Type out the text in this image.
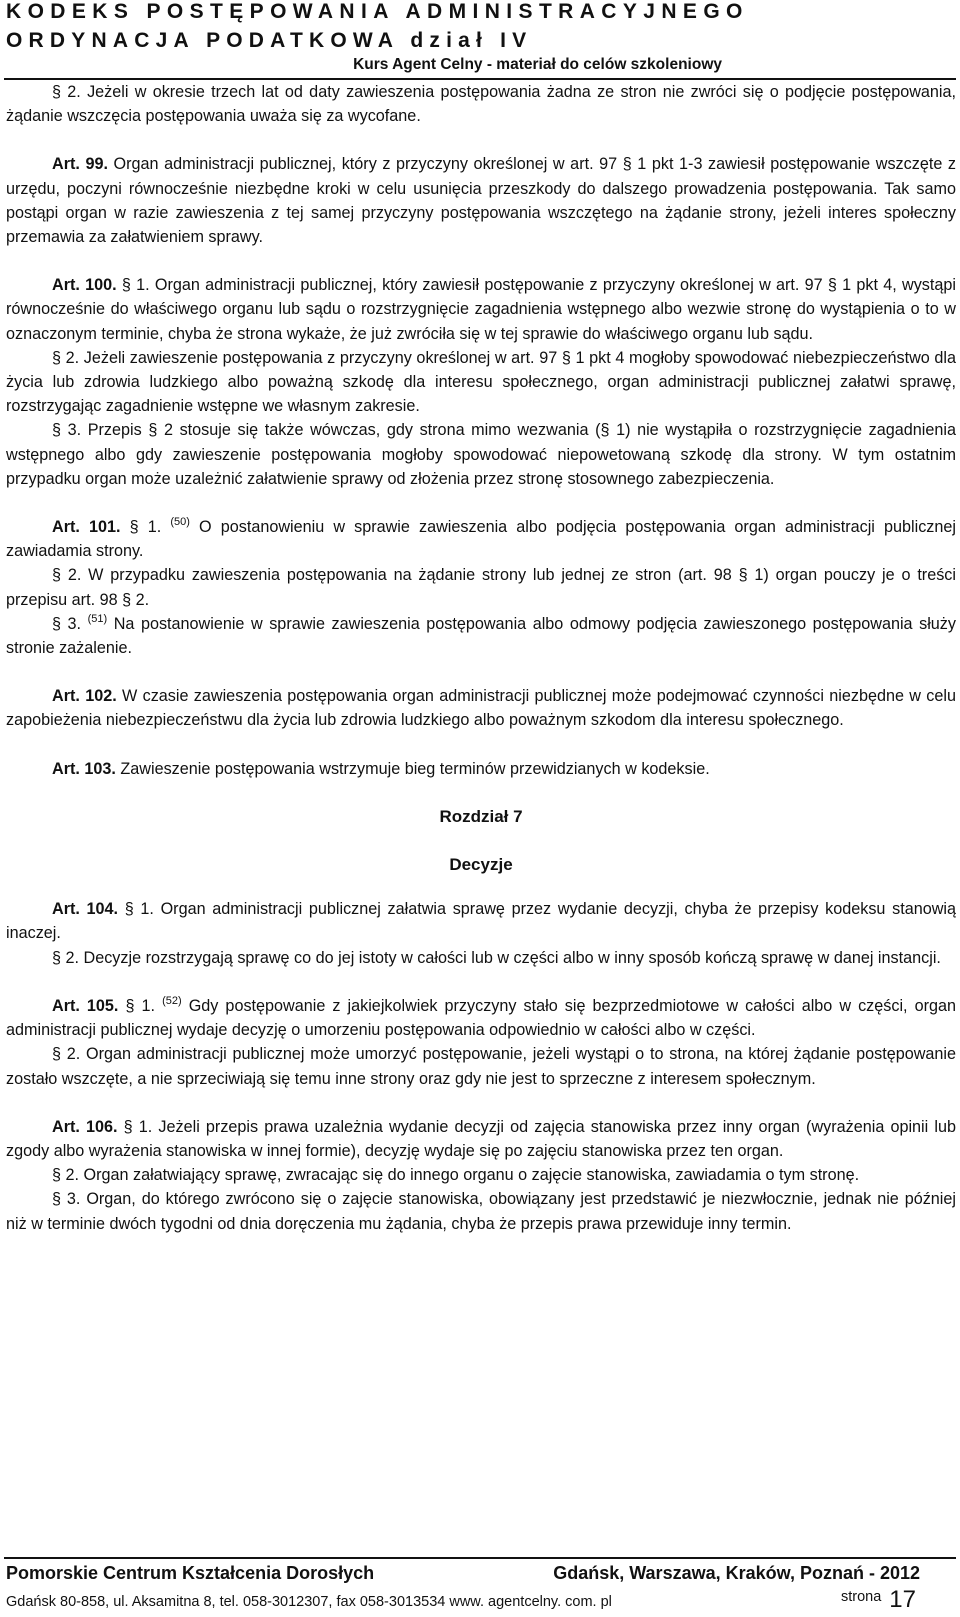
KODEKS POSTĘPOWANIA ADMINISTRACYJNEGO
ORDYNACJA PODATKOWA dział IV
Kurs Agent Celny - materiał do celów szkoleniowy

§ 2. Jeżeli w okresie trzech lat od daty zawieszenia postępowania żadna ze stron nie zwróci się o podjęcie postępowania, żądanie wszczęcia postępowania uważa się za wycofane.

Art. 99. Organ administracji publicznej, który z przyczyny określonej w art. 97 § 1 pkt 1-3 zawiesił postępowanie wszczęte z urzędu, poczyni równocześnie niezbędne kroki w celu usunięcia przeszkody do dalszego prowadzenia postępowania. Tak samo postąpi organ w razie zawieszenia z tej samej przyczyny postępowania wszczętego na żądanie strony, jeżeli interes społeczny przemawia za załatwieniem sprawy.

Art. 100. § 1. Organ administracji publicznej, który zawiesił postępowanie z przyczyny określonej w art. 97 § 1 pkt 4, wystąpi równocześnie do właściwego organu lub sądu o rozstrzygnięcie zagadnienia wstępnego albo wezwie stronę do wystąpienia o to w oznaczonym terminie, chyba że strona wykaże, że już zwróciła się w tej sprawie do właściwego organu lub sądu.

§ 2. Jeżeli zawieszenie postępowania z przyczyny określonej w art. 97 § 1 pkt 4 mogłoby spowodować niebezpieczeństwo dla życia lub zdrowia ludzkiego albo poważną szkodę dla interesu społecznego, organ administracji publicznej załatwi sprawę, rozstrzygając zagadnienie wstępne we własnym zakresie.

§ 3. Przepis § 2 stosuje się także wówczas, gdy strona mimo wezwania (§ 1) nie wystąpiła o rozstrzygnięcie zagadnienia wstępnego albo gdy zawieszenie postępowania mogłoby spowodować niepowetowaną szkodę dla strony. W tym ostatnim przypadku organ może uzależnić załatwienie sprawy od złożenia przez stronę stosownego zabezpieczenia.

Art. 101. § 1. $^{(50)}$ O postanowieniu w sprawie zawieszenia albo podjęcia postępowania organ administracji publicznej zawiadamia strony.

§ 2. W przypadku zawieszenia postępowania na żądanie strony lub jednej ze stron (art. 98 § 1) organ pouczy je o treści przepisu art. 98 § 2.

§ 3. $^{(51)}$ Na postanowienie w sprawie zawieszenia postępowania albo odmowy podjęcia zawieszonego postępowania służy stronie zażalenie.

Art. 102. W czasie zawieszenia postępowania organ administracji publicznej może podejmować czynności niezbędne w celu zapobieżenia niebezpieczeństwu dla życia lub zdrowia ludzkiego albo poważnym szkodom dla interesu społecznego.

Art. 103. Zawieszenie postępowania wstrzymuje bieg terminów przewidzianych w kodeksie.

Rozdział 7

Decyzje

Art. 104. § 1. Organ administracji publicznej załatwia sprawę przez wydanie decyzji, chyba że przepisy kodeksu stanowią inaczej.

§ 2. Decyzje rozstrzygają sprawę co do jej istoty w całości lub w części albo w inny sposób kończą sprawę w danej instancji.

Art. 105. § 1. $^{(52)}$ Gdy postępowanie z jakiejkolwiek przyczyny stało się bezprzedmiotowe w całości albo w części, organ administracji publicznej wydaje decyzję o umorzeniu postępowania odpowiednio w całości albo w części.

§ 2. Organ administracji publicznej może umorzyć postępowanie, jeżeli wystąpi o to strona, na której żądanie postępowanie zostało wszczęte, a nie sprzeciwiają się temu inne strony oraz gdy nie jest to sprzeczne z interesem społecznym.

Art. 106. § 1. Jeżeli przepis prawa uzależnia wydanie decyzji od zajęcia stanowiska przez inny organ (wyrażenia opinii lub zgody albo wyrażenia stanowiska w innej formie), decyzję wydaje się po zajęciu stanowiska przez ten organ.

§ 2. Organ załatwiający sprawę, zwracając się do innego organu o zajęcie stanowiska, zawiadamia o tym stronę.

§ 3. Organ, do którego zwrócono się o zajęcie stanowiska, obowiązany jest przedstawić je niezwłocznie, jednak nie później niż w terminie dwóch tygodni od dnia doręczenia mu żądania, chyba że przepis prawa przewiduje inny termin.

Pomorskie Centrum Kształcenia Dorosłych	Gdańsk, Warszawa, Kraków, Poznań - 2012
Gdańsk 80-858, ul. Aksamitna 8, tel. 058-3012307, fax 058-3013534 www. agentcelny. com. pl	strona 17
